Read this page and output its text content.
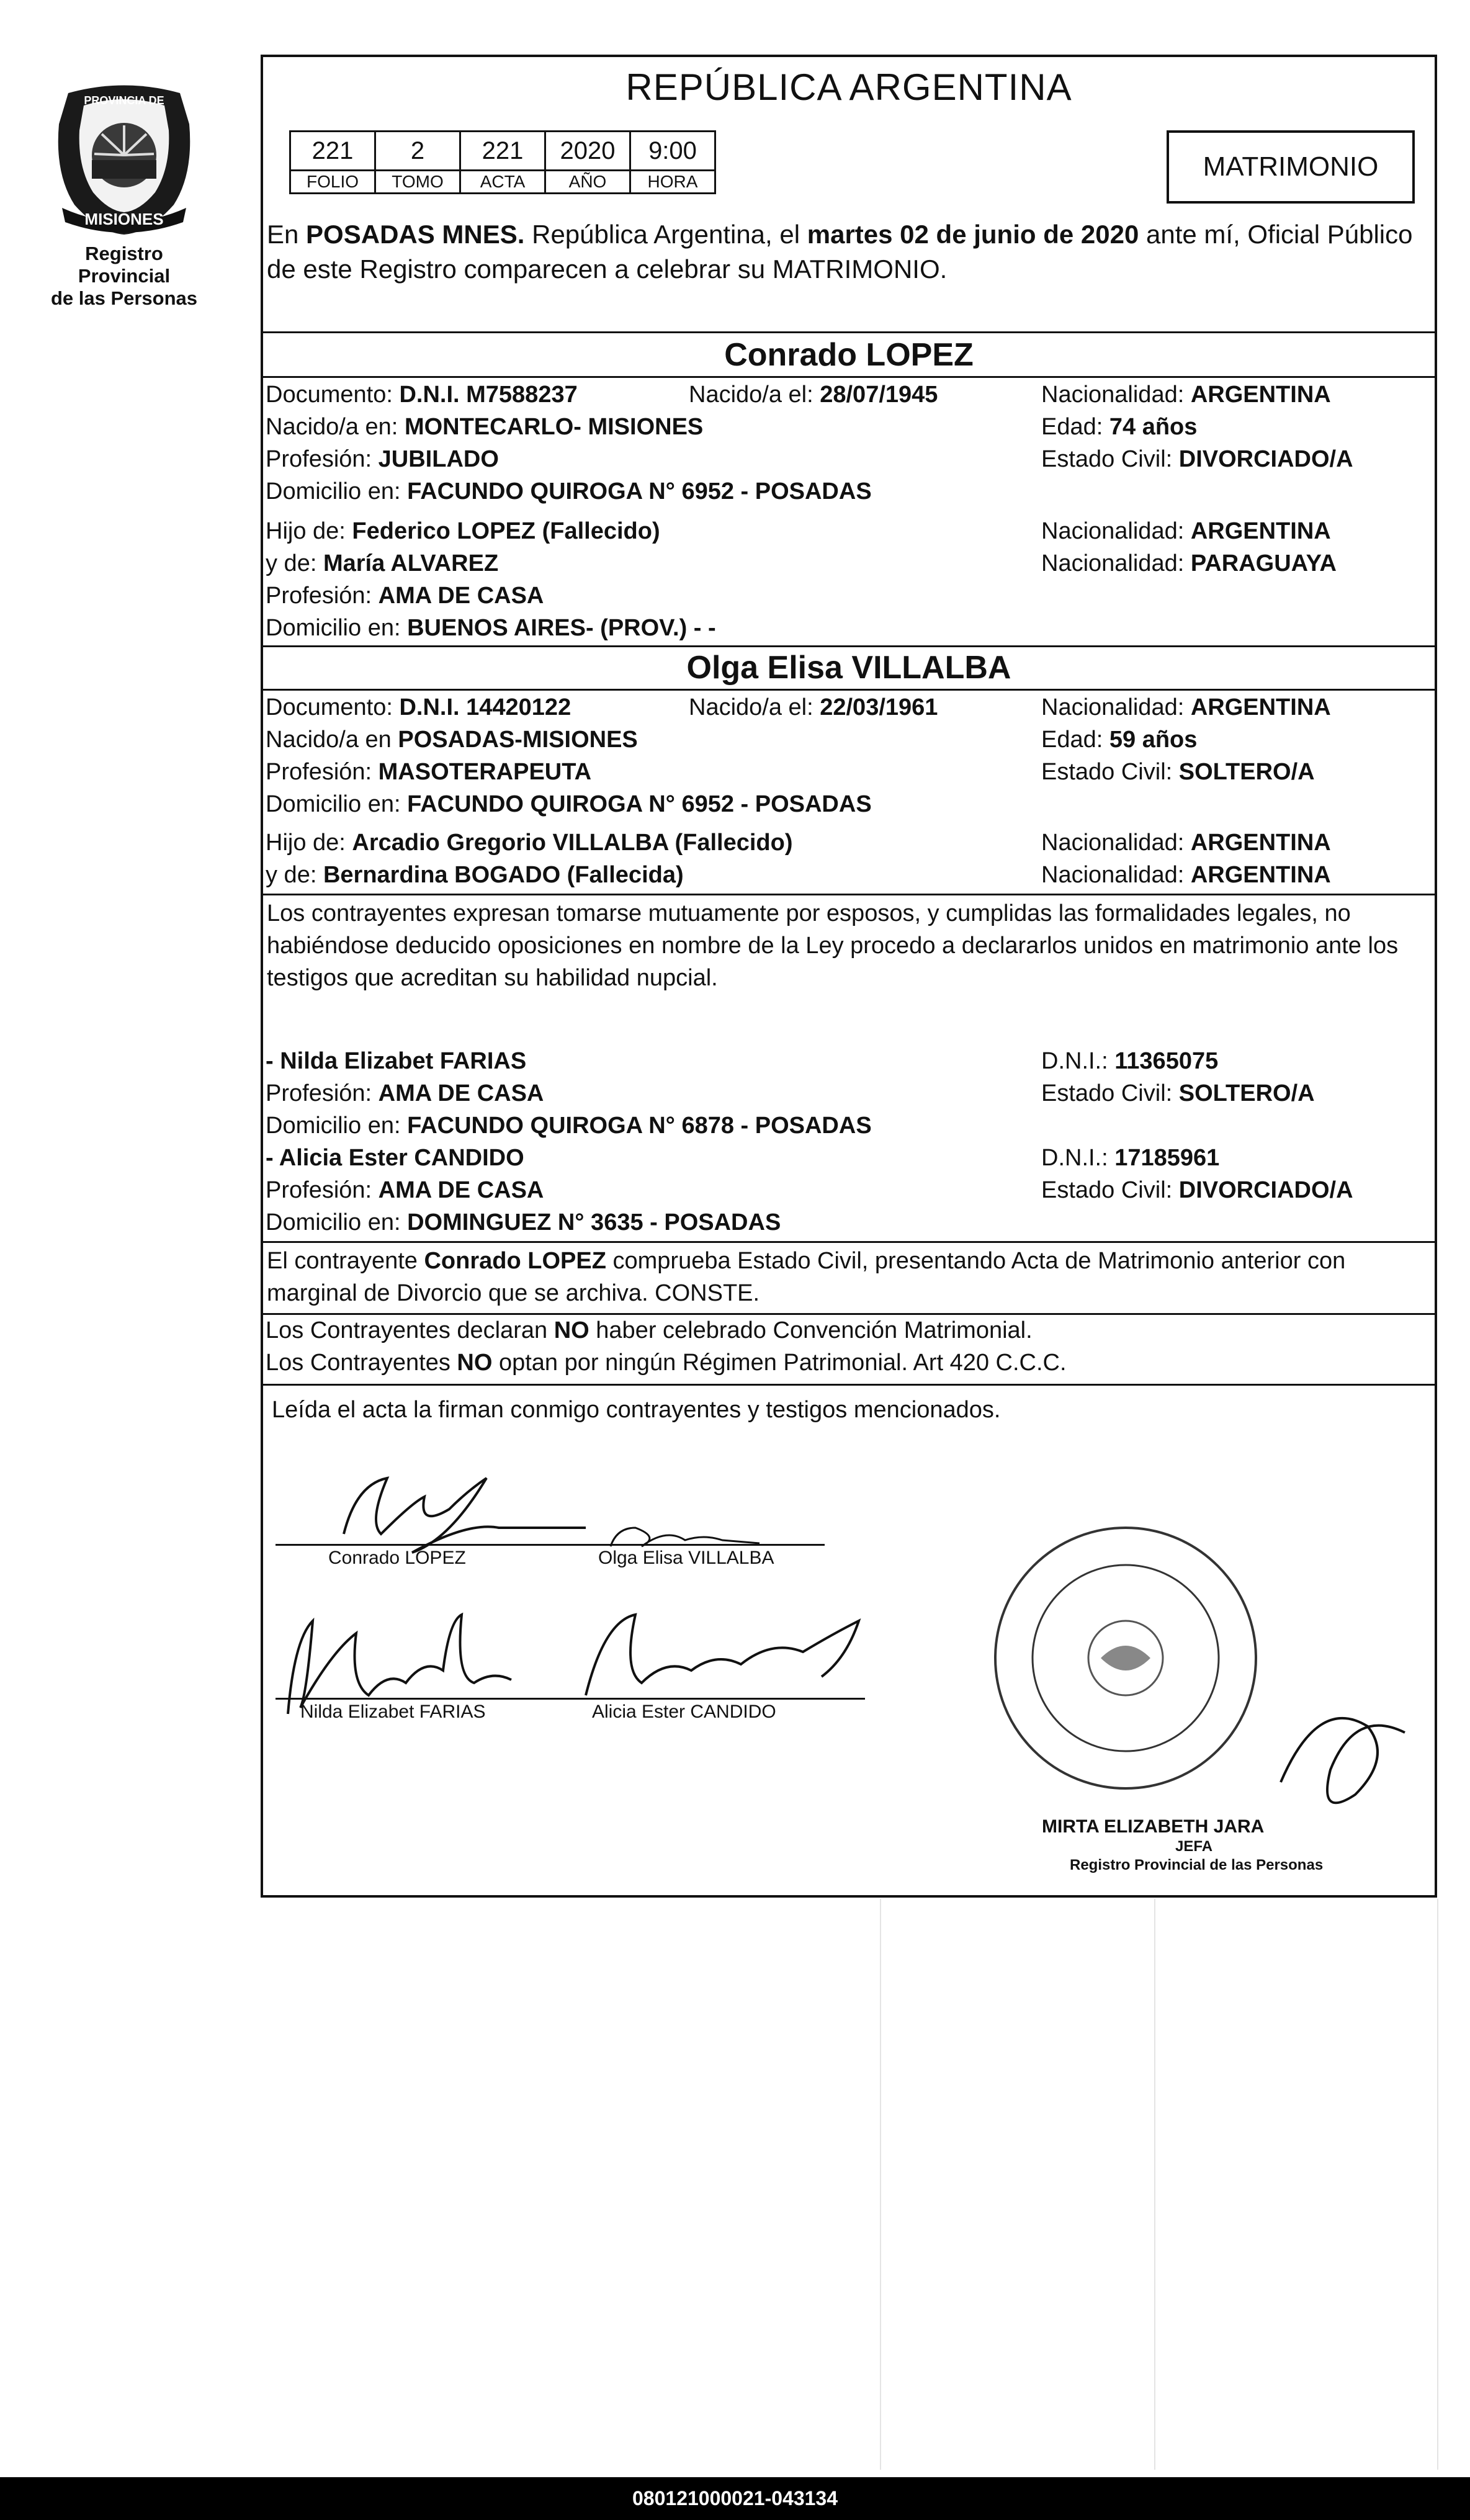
PROVINCIA DE
MISIONES
Registro Provincial
de las Personas
REPÚBLICA ARGENTINA
221	2	221	2020	9:00
FOLIO	TOMO	ACTA	AÑO	HORA	MATRIMONIO
En POSADAS MNES. República Argentina, el martes 02 de junio de 2020 ante mí, Oficial Público de este Registro comparecen a celebrar su MATRIMONIO.
Conrado LOPEZ
Documento: D.N.I. M7588237	Nacido/a el: 28/07/1945	Nacionalidad: ARGENTINA
Nacido/a en: MONTECARLO- MISIONES	Edad: 74 años
Profesión: JUBILADO	Estado Civil: DIVORCIADO/A
Domicilio en: FACUNDO QUIROGA N° 6952 - POSADAS
Hijo de: Federico LOPEZ (Fallecido)	Nacionalidad: ARGENTINA
y de: María ALVAREZ	Nacionalidad: PARAGUAYA
Profesión: AMA DE CASA
Domicilio en: BUENOS AIRES- (PROV.) - -
Olga Elisa VILLALBA
Documento: D.N.I. 14420122	Nacido/a el: 22/03/1961	Nacionalidad: ARGENTINA
Nacido/a en POSADAS-MISIONES	Edad: 59 años
Profesión: MASOTERAPEUTA	Estado Civil: SOLTERO/A
Domicilio en: FACUNDO QUIROGA N° 6952 - POSADAS
Hijo de: Arcadio Gregorio VILLALBA (Fallecido)	Nacionalidad: ARGENTINA
y de: Bernardina BOGADO (Fallecida)	Nacionalidad: ARGENTINA
Los contrayentes expresan tomarse mutuamente por esposos, y cumplidas las formalidades legales, no habiéndose deducido oposiciones en nombre de la Ley procedo a declararlos unidos en matrimonio ante los testigos que acreditan su habilidad nupcial.
- Nilda Elizabet FARIAS	D.N.I.: 11365075
Profesión: AMA DE CASA	Estado Civil: SOLTERO/A
Domicilio en: FACUNDO QUIROGA N° 6878 - POSADAS
- Alicia Ester CANDIDO	D.N.I.: 17185961
Profesión: AMA DE CASA	Estado Civil: DIVORCIADO/A
Domicilio en: DOMINGUEZ N° 3635 - POSADAS
El contrayente Conrado LOPEZ comprueba Estado Civil, presentando Acta de Matrimonio anterior con marginal de Divorcio que se archiva. CONSTE.
Los Contrayentes declaran NO haber celebrado Convención Matrimonial.
Los Contrayentes NO optan por ningún Régimen Patrimonial. Art 420 C.C.C.
Leída el acta la firman conmigo contrayentes y testigos mencionados.
Conrado LOPEZ	Olga Elisa VILLALBA
Nilda Elizabet FARIAS	Alicia Ester CANDIDO
MIRTA ELIZABETH JARA
JEFA
Registro Provincial de las Personas
080121000021-043134
